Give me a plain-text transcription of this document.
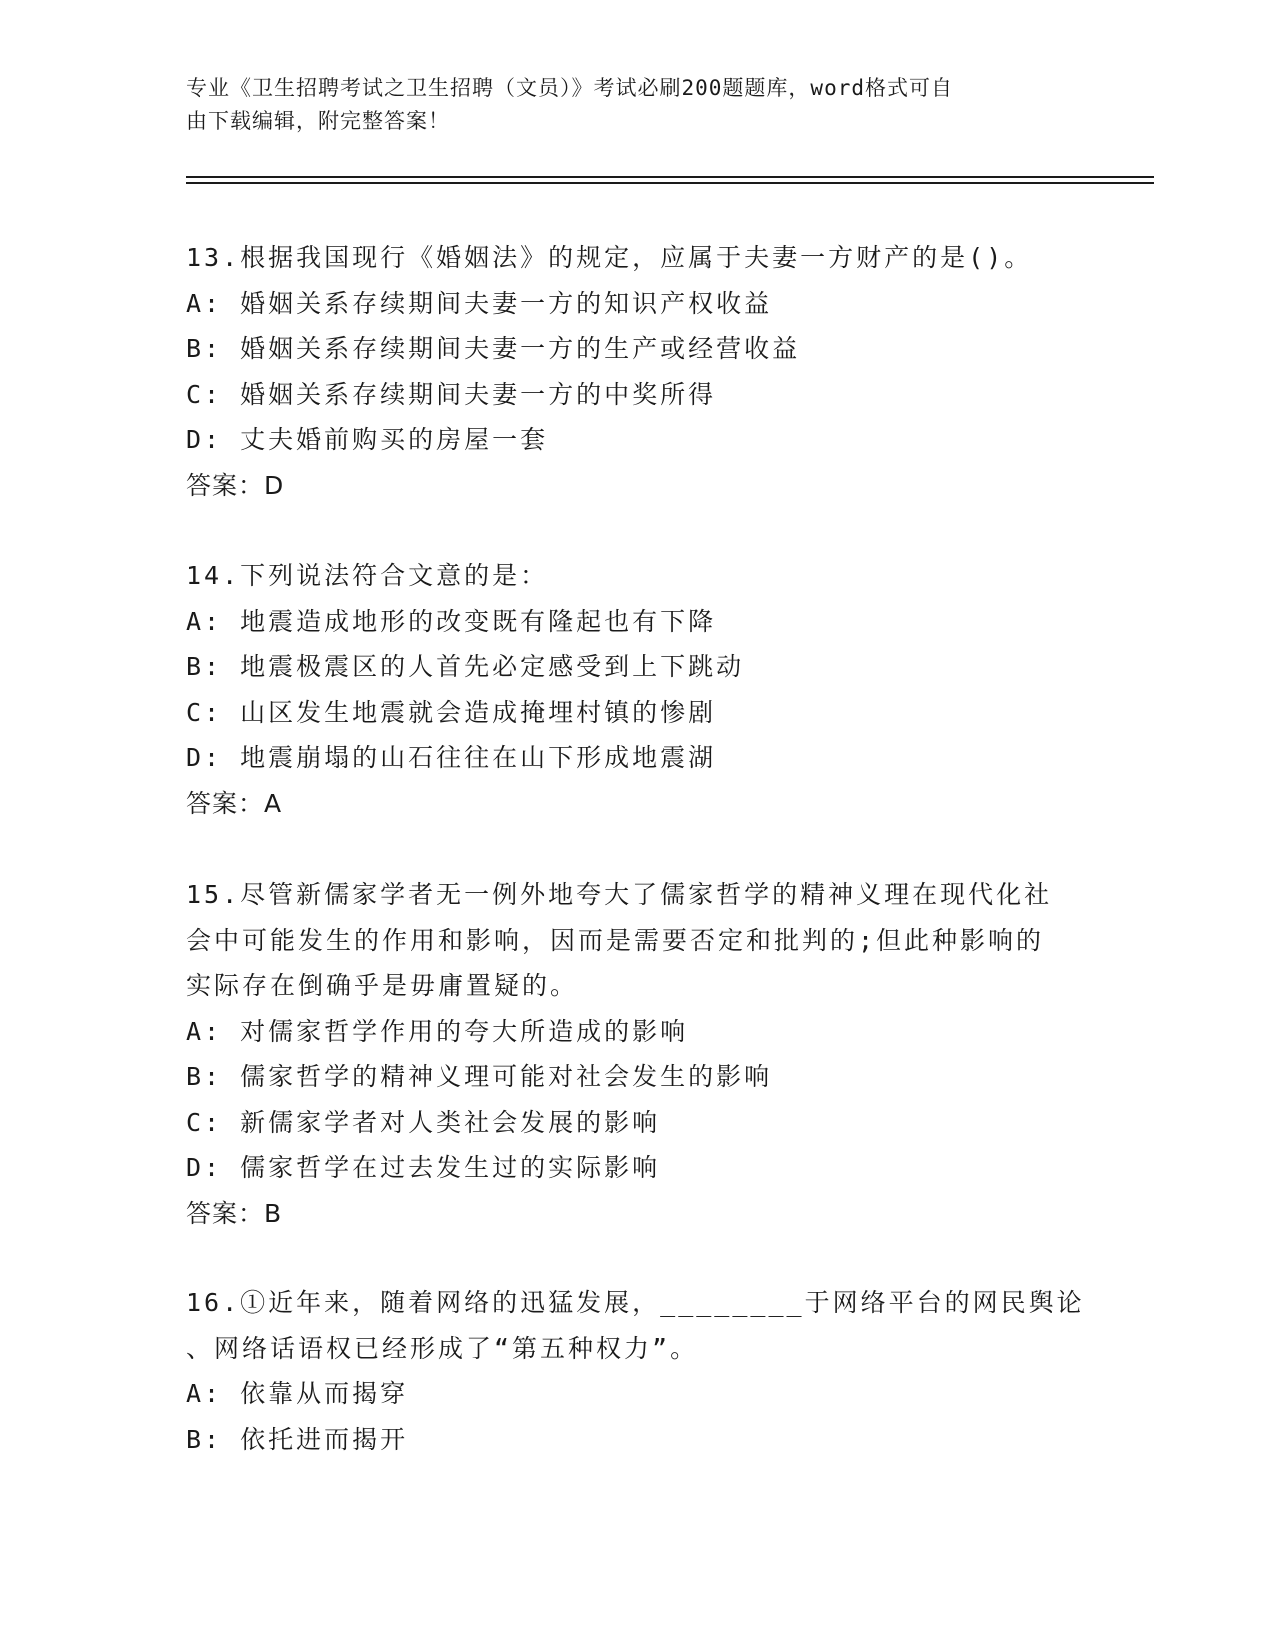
专业《卫生招聘考试之卫生招聘（文员）》考试必刷200题题库，word格式可自
由下载编辑，附完整答案！
13.根据我国现行《婚姻法》的规定，应属于夫妻一方财产的是()。
A: 婚姻关系存续期间夫妻一方的知识产权收益
B: 婚姻关系存续期间夫妻一方的生产或经营收益
C: 婚姻关系存续期间夫妻一方的中奖所得
D: 丈夫婚前购买的房屋一套
答案：D
14.下列说法符合文意的是：
A: 地震造成地形的改变既有隆起也有下降
B: 地震极震区的人首先必定感受到上下跳动
C: 山区发生地震就会造成掩埋村镇的惨剧
D: 地震崩塌的山石往往在山下形成地震湖
答案：A
15.尽管新儒家学者无一例外地夸大了儒家哲学的精神义理在现代化社
会中可能发生的作用和影响，因而是需要否定和批判的;但此种影响的
实际存在倒确乎是毋庸置疑的。
A: 对儒家哲学作用的夸大所造成的影响
B: 儒家哲学的精神义理可能对社会发生的影响
C: 新儒家学者对人类社会发展的影响
D: 儒家哲学在过去发生过的实际影响
答案：B
16.①近年来，随着网络的迅猛发展，________于网络平台的网民舆论
、网络话语权已经形成了“第五种权力”。
A: 依靠从而揭穿
B: 依托进而揭开
